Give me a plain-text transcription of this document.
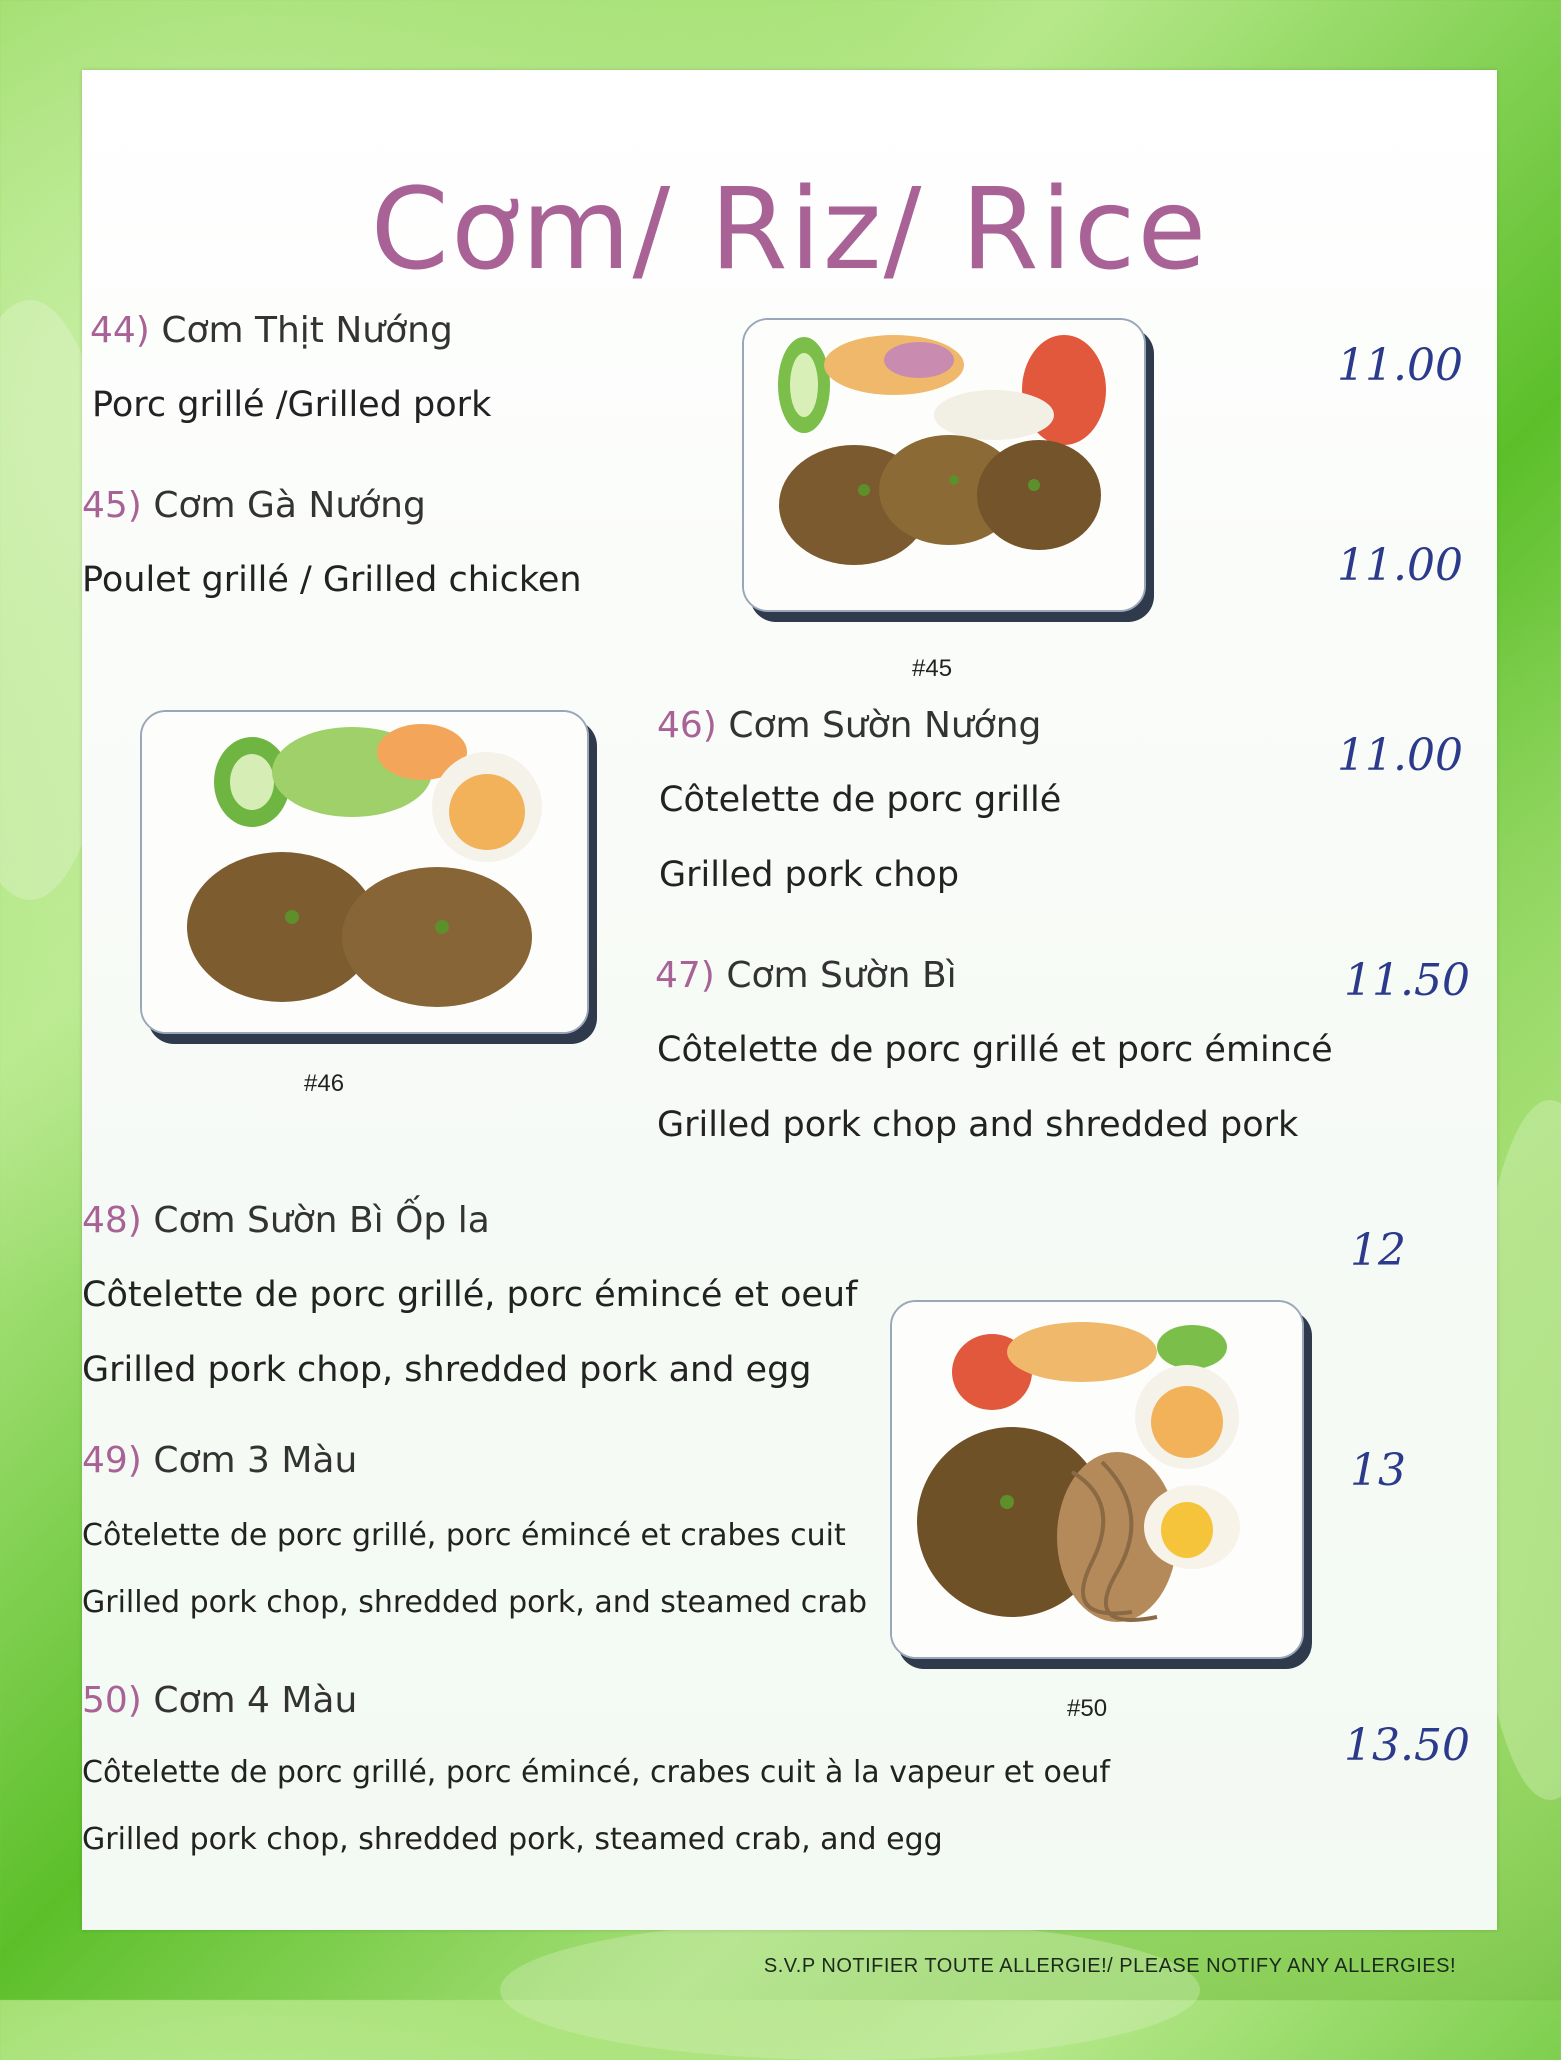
Cơm/ Riz/ Rice
44) Cơm Thịt Nướng
Porc grillé /Grilled pork
11.00
45) Cơm Gà Nướng
Poulet grillé / Grilled chicken	11.00
#45
#46
46) Cơm Sườn Nướng
Côtelette de porc grillé
Grilled pork chop
11.00
47) Cơm Sườn Bì
Côtelette de porc grillé et porc émincé
Grilled pork chop and shredded pork
11.50
48) Cơm Sườn Bì Ốp la
Côtelette de porc grillé, porc émincé et oeuf
Grilled pork chop, shredded pork and egg
12
#50
49) Cơm 3 Màu
Côtelette de porc grillé, porc émincé et crabes cuit
Grilled pork chop, shredded pork, and steamed crab
13
50) Cơm 4 Màu
Côtelette de porc grillé, porc émincé, crabes cuit à la vapeur et oeuf
Grilled pork chop, shredded pork, steamed crab, and egg
13.50
S.V.P NOTIFIER TOUTE ALLERGIE!/ PLEASE NOTIFY ANY ALLERGIES!
